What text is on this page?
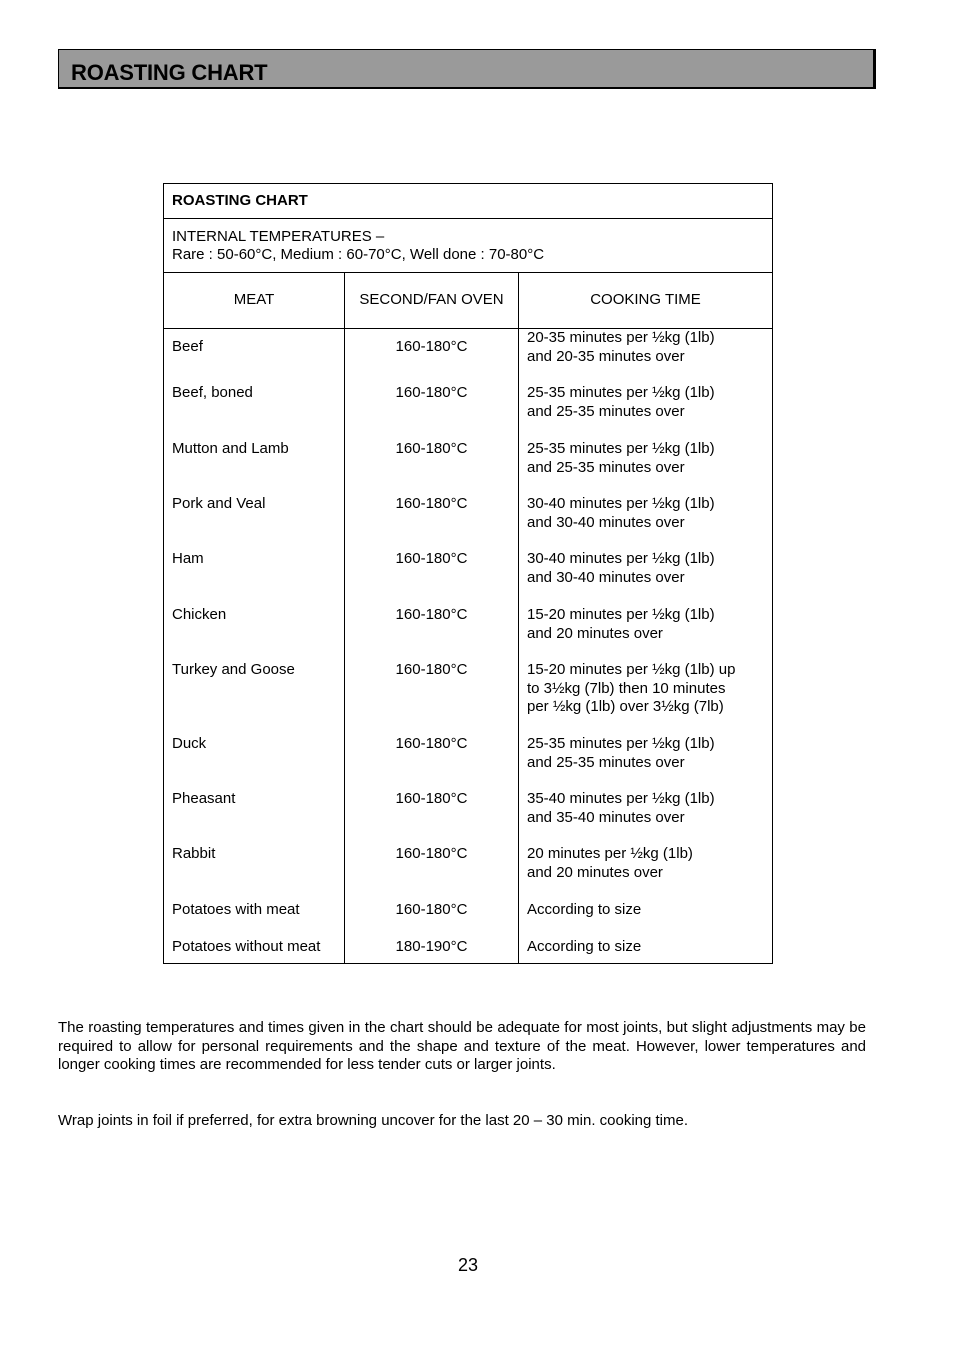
ROASTING CHART
ROASTING CHART
INTERNAL TEMPERATURES –
Rare : 50-60°C, Medium : 60-70°C, Well done : 70-80°C
MEAT	SECOND/FAN OVEN	COOKING TIME
Beef
Beef, boned
Mutton and Lamb
Pork and Veal
Ham
Chicken
Turkey and Goose
Duck
Pheasant
Rabbit
Potatoes with meat
Potatoes without meat
160-180°C
160-180°C
160-180°C
160-180°C
160-180°C
160-180°C
160-180°C
160-180°C
160-180°C
160-180°C
160-180°C
180-190°C
20-35 minutes per ½kg (1lb)
and 20-35 minutes over
25-35 minutes per ½kg (1lb)
and 25-35 minutes over
25-35 minutes per ½kg (1lb)
and 25-35 minutes over
30-40 minutes per ½kg (1lb)
and 30-40 minutes over
30-40 minutes per ½kg (1lb)
and 30-40 minutes over
15-20 minutes per ½kg (1lb)
and 20 minutes over
15-20 minutes per ½kg (1lb) up
to 3½kg (7lb) then 10 minutes
per ½kg (1lb) over 3½kg (7lb)
25-35 minutes per ½kg (1lb)
and 25-35 minutes over
35-40 minutes per ½kg (1lb)
and 35-40 minutes over
20 minutes per ½kg (1lb)
and 20 minutes over
According to size
According to size
The roasting temperatures and times given in the chart should be adequate for most joints, but slight adjustments may be required to allow for personal requirements and the shape and texture of the meat. However, lower temperatures and longer cooking times are recommended for less tender cuts or larger joints.
Wrap joints in foil if preferred, for extra browning uncover for the last 20 – 30 min. cooking time.
23
